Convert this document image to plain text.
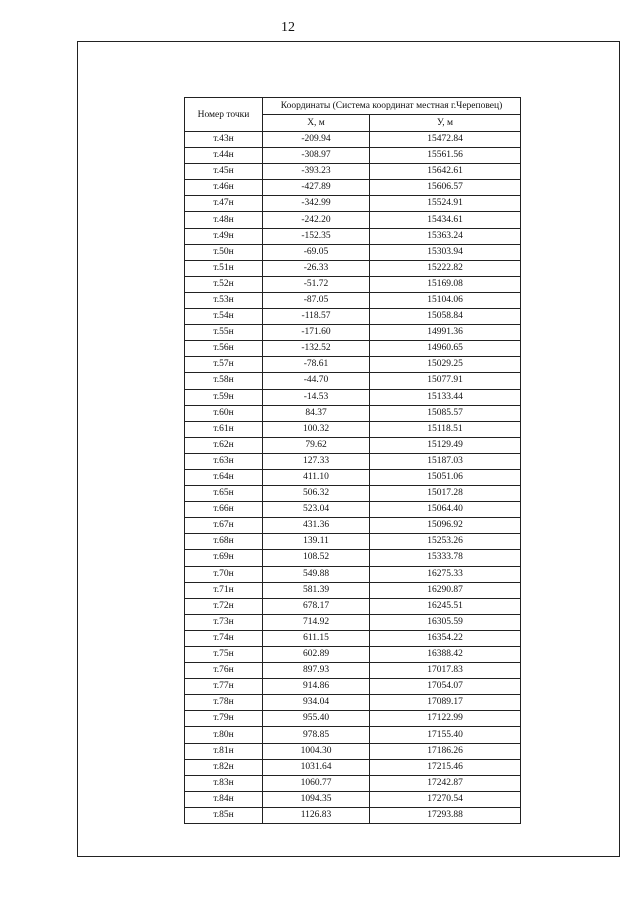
12
Номер точки	Координаты (Система координат местная г.Череповец)	
	Х, м	У, м
т.43н	-209.94	15472.84
т.44н	-308.97	15561.56
т.45н	-393.23	15642.61
т.46н	-427.89	15606.57
т.47н	-342.99	15524.91
т.48н	-242.20	15434.61
т.49н	-152.35	15363.24
т.50н	-69.05	15303.94
т.51н	-26.33	15222.82
т.52н	-51.72	15169.08
т.53н	-87.05	15104.06
т.54н	-118.57	15058.84
т.55н	-171.60	14991.36
т.56н	-132.52	14960.65
т.57н	-78.61	15029.25
т.58н	-44.70	15077.91
т.59н	-14.53	15133.44
т.60н	84.37	15085.57
т.61н	100.32	15118.51
т.62н	79.62	15129.49
т.63н	127.33	15187.03
т.64н	411.10	15051.06
т.65н	506.32	15017.28
т.66н	523.04	15064.40
т.67н	431.36	15096.92
т.68н	139.11	15253.26
т.69н	108.52	15333.78
т.70н	549.88	16275.33
т.71н	581.39	16290.87
т.72н	678.17	16245.51
т.73н	714.92	16305.59
т.74н	611.15	16354.22
т.75н	602.89	16388.42
т.76н	897.93	17017.83
т.77н	914.86	17054.07
т.78н	934.04	17089.17
т.79н	955.40	17122.99
т.80н	978.85	17155.40
т.81н	1004.30	17186.26
т.82н	1031.64	17215.46
т.83н	1060.77	17242.87
т.84н	1094.35	17270.54
т.85н	1126.83	17293.88
